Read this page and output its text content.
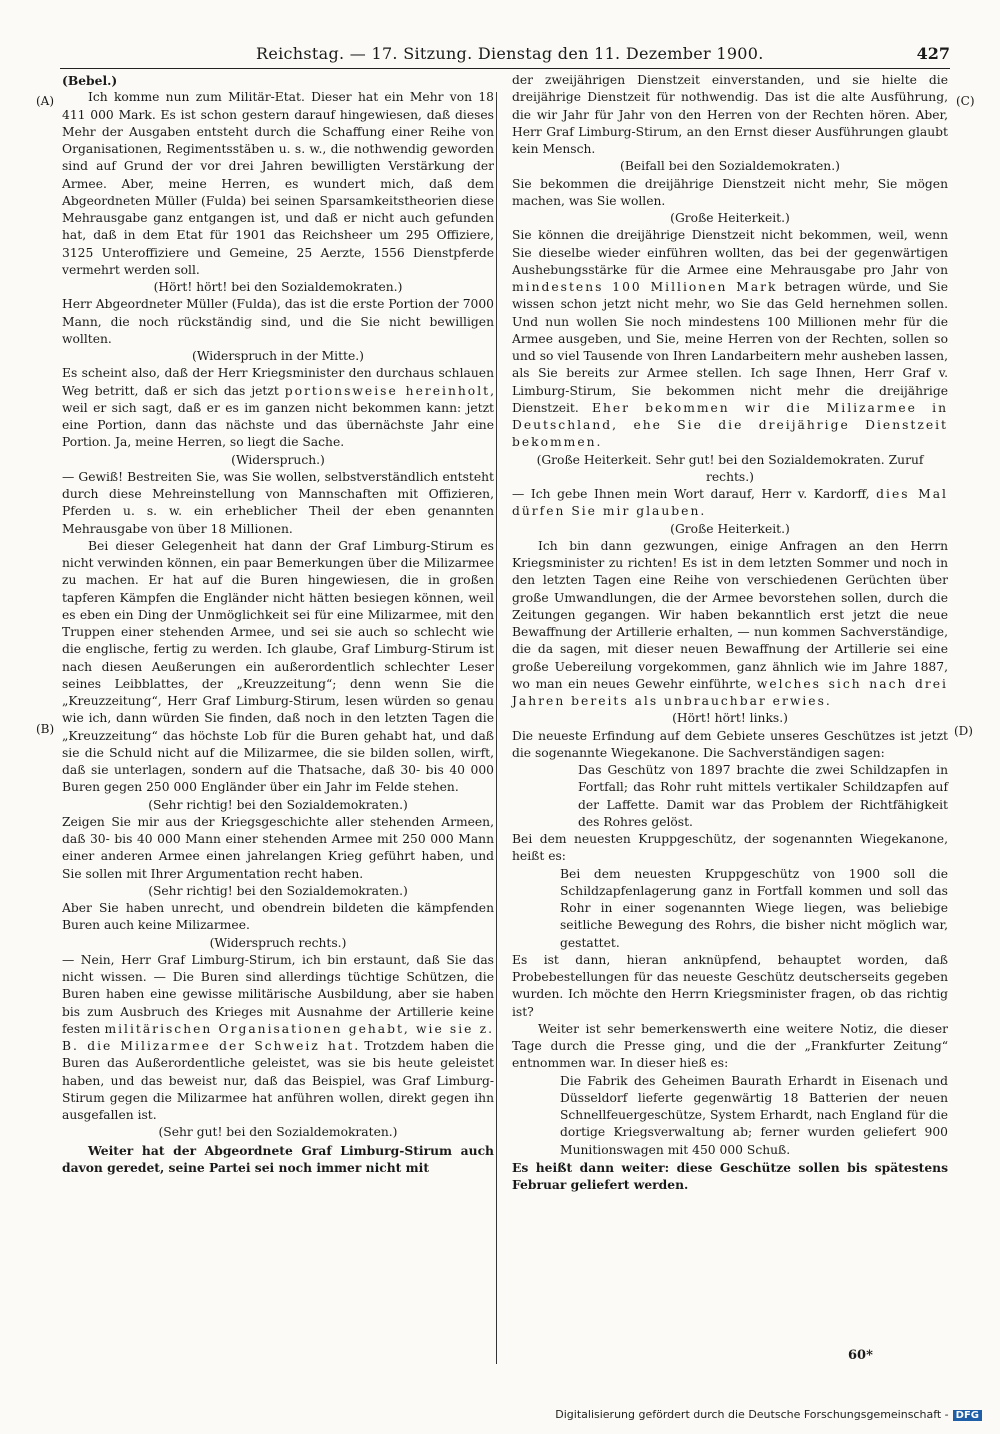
Reichstag. — 17. Sitzung. Dienstag den 11. Dezember 1900.	427
(A)
(B)
(C)
(D)

(Bebel.)

Ich komme nun zum Militär-Etat. Dieser hat ein Mehr von 18 411 000 Mark. Es ist schon gestern darauf hingewiesen, daß dieses Mehr der Ausgaben entsteht durch die Schaffung einer Reihe von Organisationen, Regimentsstäben u. s. w., die nothwendig geworden sind auf Grund der vor drei Jahren bewilligten Verstärkung der Armee. Aber, meine Herren, es wundert mich, daß dem Abgeordneten Müller (Fulda) bei seinen Sparsamkeitstheorien diese Mehrausgabe ganz entgangen ist, und daß er nicht auch gefunden hat, daß in dem Etat für 1901 das Reichsheer um 295 Offiziere, 3125 Unteroffiziere und Gemeine, 25 Aerzte, 1556 Dienstpferde vermehrt werden soll.

(Hört! hört! bei den Sozialdemokraten.)

Herr Abgeordneter Müller (Fulda), das ist die erste Portion der 7000 Mann, die noch rückständig sind, und die Sie nicht bewilligen wollten.

(Widerspruch in der Mitte.)

Es scheint also, daß der Herr Kriegsminister den durchaus schlauen Weg betritt, daß er sich das jetzt portionsweise hereinholt, weil er sich sagt, daß er es im ganzen nicht bekommen kann: jetzt eine Portion, dann das nächste und das übernächste Jahr eine Portion. Ja, meine Herren, so liegt die Sache.

(Widerspruch.)

— Gewiß! Bestreiten Sie, was Sie wollen, selbstverständlich entsteht durch diese Mehreinstellung von Mannschaften mit Offizieren, Pferden u. s. w. ein erheblicher Theil der eben genannten Mehrausgabe von über 18 Millionen.

Bei dieser Gelegenheit hat dann der Graf Limburg-Stirum es nicht verwinden können, ein paar Bemerkungen über die Milizarmee zu machen. Er hat auf die Buren hingewiesen, die in großen tapferen Kämpfen die Engländer nicht hätten besiegen können, weil es eben ein Ding der Unmöglichkeit sei für eine Milizarmee, mit den Truppen einer stehenden Armee, und sei sie auch so schlecht wie die englische, fertig zu werden. Ich glaube, Graf Limburg-Stirum ist nach diesen Aeußerungen ein außerordentlich schlechter Leser seines Leibblattes, der „Kreuzzeitung“; denn wenn Sie die „Kreuzzeitung“, Herr Graf Limburg-Stirum, lesen würden so genau wie ich, dann würden Sie finden, daß noch in den letzten Tagen die „Kreuzzeitung“ das höchste Lob für die Buren gehabt hat, und daß sie die Schuld nicht auf die Milizarmee, die sie bilden sollen, wirft, daß sie unterlagen, sondern auf die Thatsache, daß 30- bis 40 000 Buren gegen 250 000 Engländer über ein Jahr im Felde stehen.

(Sehr richtig! bei den Sozialdemokraten.)

Zeigen Sie mir aus der Kriegsgeschichte aller stehenden Armeen, daß 30- bis 40 000 Mann einer stehenden Armee mit 250 000 Mann einer anderen Armee einen jahrelangen Krieg geführt haben, und Sie sollen mit Ihrer Argumentation recht haben.

(Sehr richtig! bei den Sozialdemokraten.)

Aber Sie haben unrecht, und obendrein bildeten die kämpfenden Buren auch keine Milizarmee.

(Widerspruch rechts.)

— Nein, Herr Graf Limburg-Stirum, ich bin erstaunt, daß Sie das nicht wissen. — Die Buren sind allerdings tüchtige Schützen, die Buren haben eine gewisse militärische Ausbildung, aber sie haben bis zum Ausbruch des Krieges mit Ausnahme der Artillerie keine festen militärischen Organisationen gehabt, wie sie z. B. die Milizarmee der Schweiz hat. Trotzdem haben die Buren das Außerordentliche geleistet, was sie bis heute geleistet haben, und das beweist nur, daß das Beispiel, was Graf Limburg-Stirum gegen die Milizarmee hat anführen wollen, direkt gegen ihn ausgefallen ist.

(Sehr gut! bei den Sozialdemokraten.)

Weiter hat der Abgeordnete Graf Limburg-Stirum auch davon geredet, seine Partei sei noch immer nicht mit

der zweijährigen Dienstzeit einverstanden, und sie hielte die dreijährige Dienstzeit für nothwendig. Das ist die alte Ausführung, die wir Jahr für Jahr von den Herren von der Rechten hören. Aber, Herr Graf Limburg-Stirum, an den Ernst dieser Ausführungen glaubt kein Mensch.

(Beifall bei den Sozialdemokraten.)

Sie bekommen die dreijährige Dienstzeit nicht mehr, Sie mögen machen, was Sie wollen.

(Große Heiterkeit.)

Sie können die dreijährige Dienstzeit nicht bekommen, weil, wenn Sie dieselbe wieder einführen wollten, das bei der gegenwärtigen Aushebungsstärke für die Armee eine Mehrausgabe pro Jahr von mindestens 100 Millionen Mark betragen würde, und Sie wissen schon jetzt nicht mehr, wo Sie das Geld hernehmen sollen. Und nun wollen Sie noch mindestens 100 Millionen mehr für die Armee ausgeben, und Sie, meine Herren von der Rechten, sollen so und so viel Tausende von Ihren Landarbeitern mehr ausheben lassen, als Sie bereits zur Armee stellen. Ich sage Ihnen, Herr Graf v. Limburg-Stirum, Sie bekommen nicht mehr die dreijährige Dienstzeit. Eher bekommen wir die Milizarmee in Deutschland, ehe Sie die dreijährige Dienstzeit bekommen.

(Große Heiterkeit. Sehr gut! bei den Sozialdemokraten. Zuruf rechts.)

— Ich gebe Ihnen mein Wort darauf, Herr v. Kardorff, dies Mal dürfen Sie mir glauben.

(Große Heiterkeit.)

Ich bin dann gezwungen, einige Anfragen an den Herrn Kriegsminister zu richten! Es ist in dem letzten Sommer und noch in den letzten Tagen eine Reihe von verschiedenen Gerüchten über große Umwandlungen, die der Armee bevorstehen sollen, durch die Zeitungen gegangen. Wir haben bekanntlich erst jetzt die neue Bewaffnung der Artillerie erhalten, — nun kommen Sachverständige, die da sagen, mit dieser neuen Bewaffnung der Artillerie sei eine große Uebereilung vorgekommen, ganz ähnlich wie im Jahre 1887, wo man ein neues Gewehr einführte, welches sich nach drei Jahren bereits als unbrauchbar erwies.

(Hört! hört! links.)

Die neueste Erfindung auf dem Gebiete unseres Geschützes ist jetzt die sogenannte Wiegekanone. Die Sachverständigen sagen:

Das Geschütz von 1897 brachte die zwei Schildzapfen in Fortfall; das Rohr ruht mittels vertikaler Schildzapfen auf der Laffette. Damit war das Problem der Richtfähigkeit des Rohres gelöst.

Bei dem neuesten Kruppgeschütz, der sogenannten Wiegekanone, heißt es:

Bei dem neuesten Kruppgeschütz von 1900 soll die Schildzapfenlagerung ganz in Fortfall kommen und soll das Rohr in einer sogenannten Wiege liegen, was beliebige seitliche Bewegung des Rohrs, die bisher nicht möglich war, gestattet.

Es ist dann, hieran anknüpfend, behauptet worden, daß Probebestellungen für das neueste Geschütz deutscherseits gegeben wurden. Ich möchte den Herrn Kriegsminister fragen, ob das richtig ist?

Weiter ist sehr bemerkenswerth eine weitere Notiz, die dieser Tage durch die Presse ging, und die der „Frankfurter Zeitung“ entnommen war. In dieser hieß es:

Die Fabrik des Geheimen Baurath Erhardt in Eisenach und Düsseldorf lieferte gegenwärtig 18 Batterien der neuen Schnellfeuergeschütze, System Erhardt, nach England für die dortige Kriegsverwaltung ab; ferner wurden geliefert 900 Munitionswagen mit 450 000 Schuß.

Es heißt dann weiter: diese Geschütze sollen bis spätestens Februar geliefert werden.

60*
Digitalisierung gefördert durch die Deutsche Forschungsgemeinschaft - DFG
